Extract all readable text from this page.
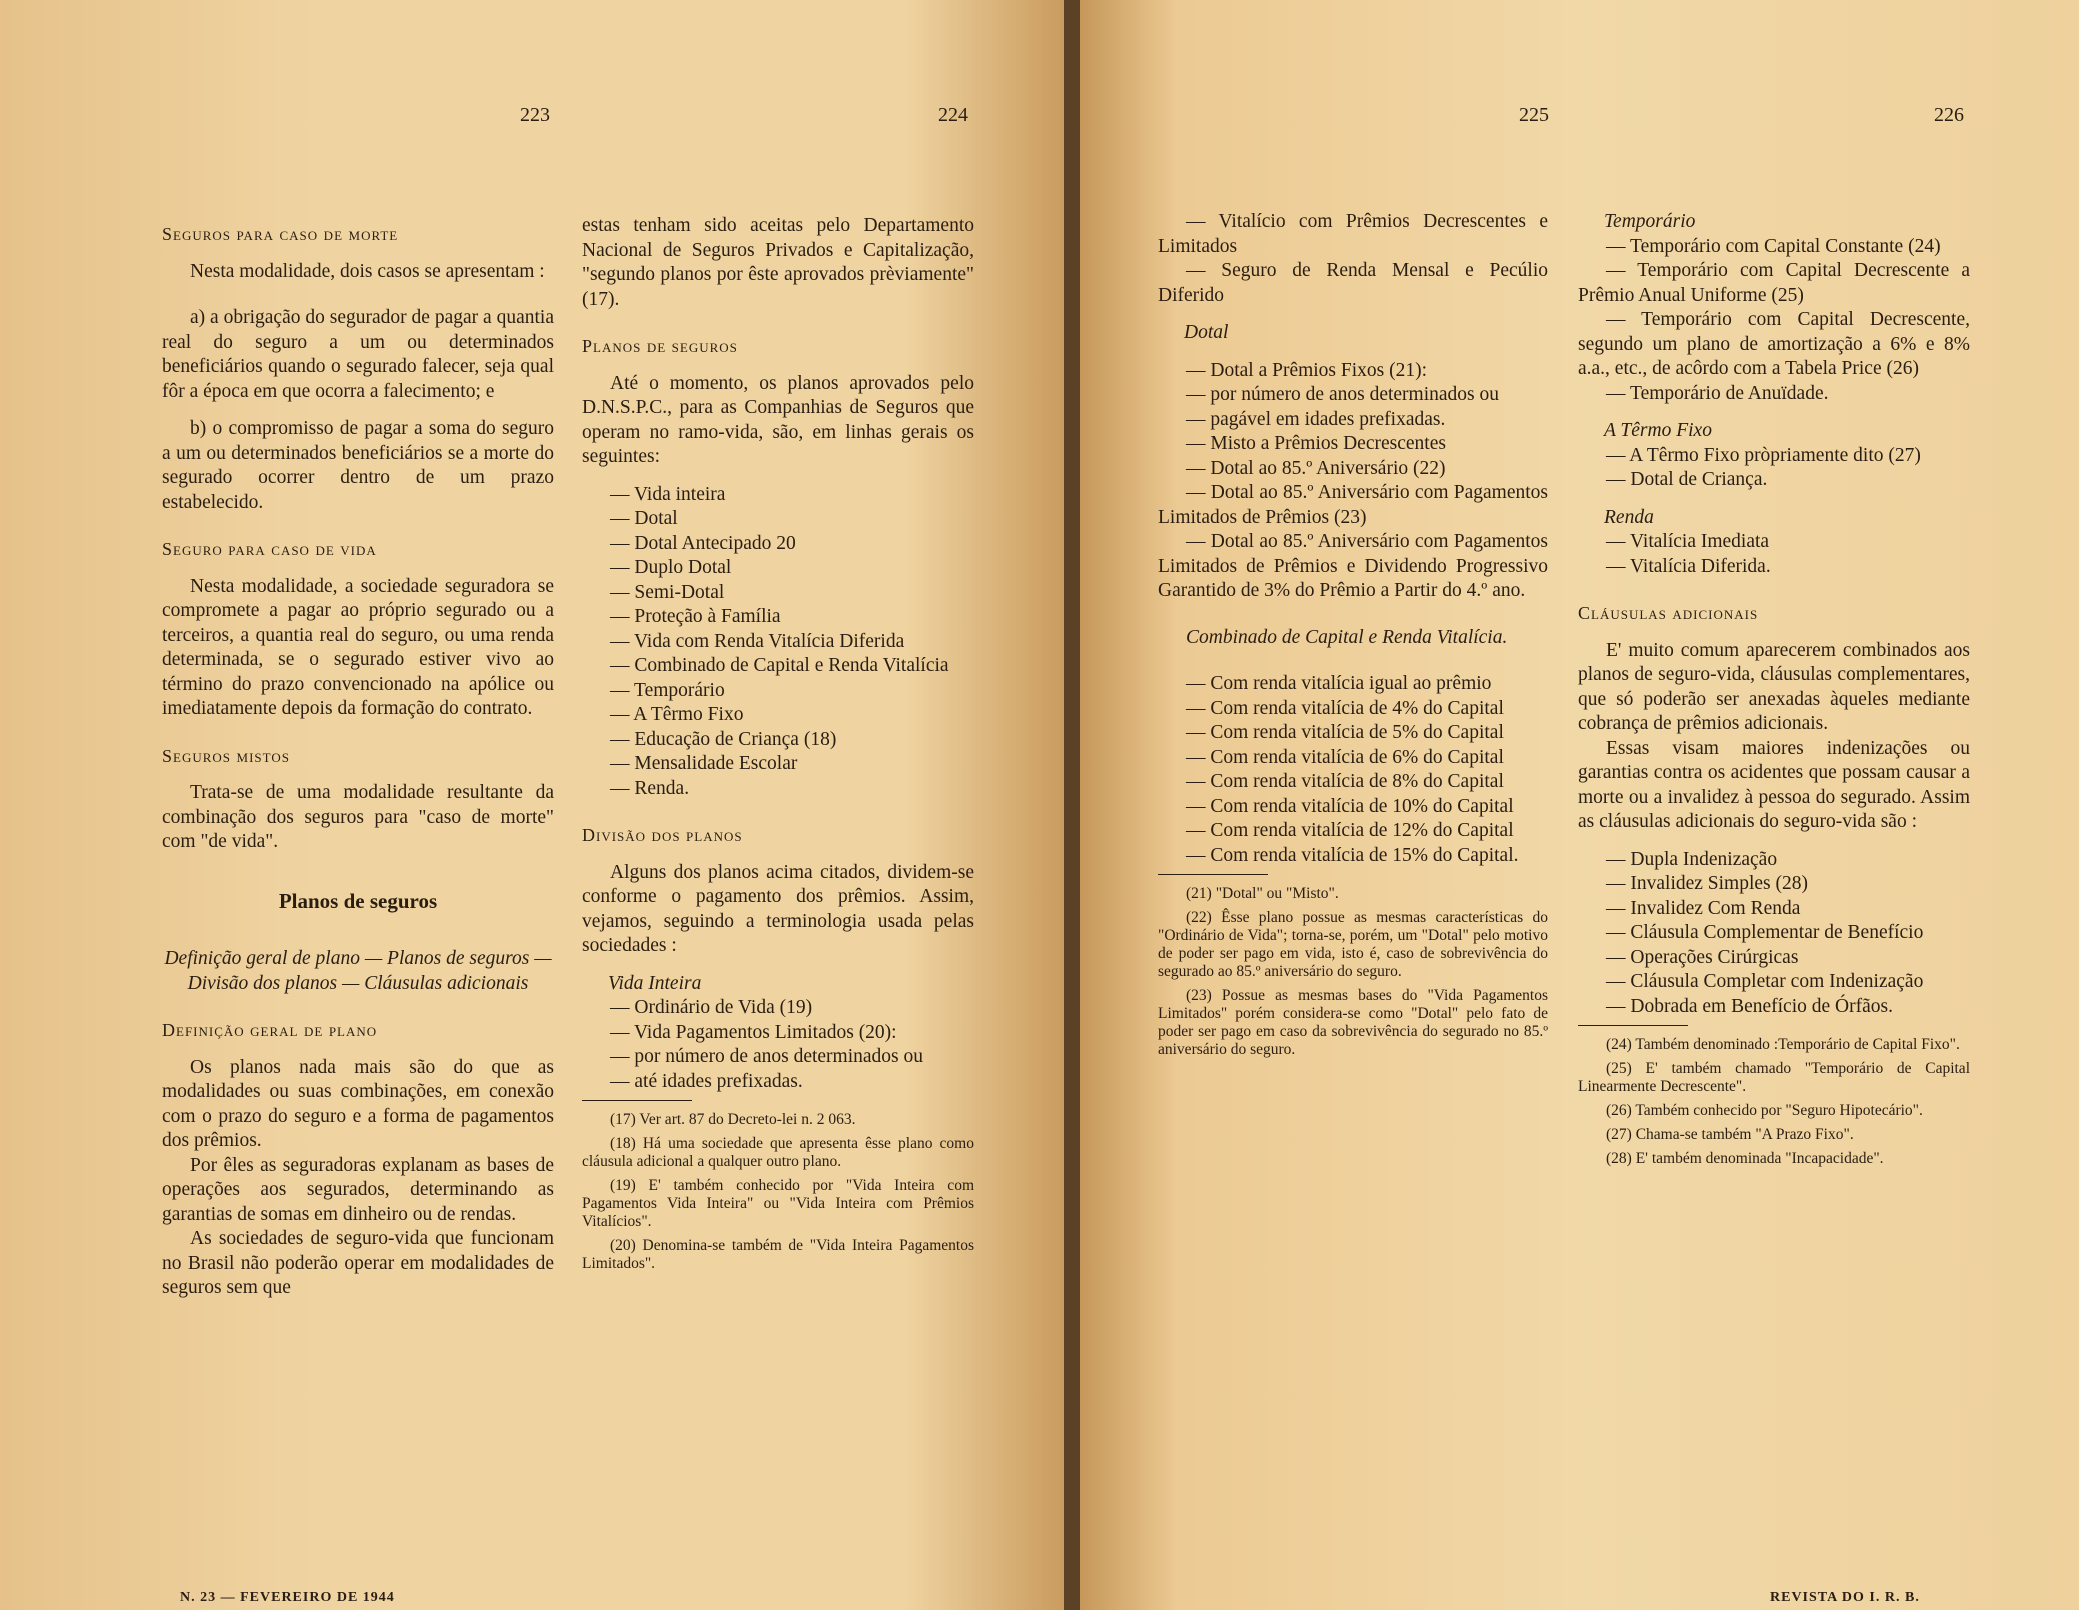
223	224	225	226

Seguros para caso de morte

Nesta modalidade, dois casos se apresentam :

a) a obrigação do segurador de pagar a quantia real do seguro a um ou determinados beneficiários quando o segurado falecer, seja qual fôr a época em que ocorra a falecimento; e

b) o compromisso de pagar a soma do seguro a um ou determinados beneficiários se a morte do segurado ocorrer dentro de um prazo estabelecido.

Seguro para caso de vida

Nesta modalidade, a sociedade seguradora se compromete a pagar ao próprio segurado ou a terceiros, a quantia real do seguro, ou uma renda determinada, se o segurado estiver vivo ao término do prazo convencionado na apólice ou imediatamente depois da formação do contrato.

Seguros mistos

Trata-se de uma modalidade resultante da combinação dos seguros para "caso de morte" com "de vida".

Planos de seguros

Definição geral de plano — Planos de seguros — Divisão dos planos — Cláusulas adicionais

Definição geral de plano

Os planos nada mais são do que as modalidades ou suas combinações, em conexão com o prazo do seguro e a forma de pagamentos dos prêmios.

Por êles as seguradoras explanam as bases de operações aos segurados, determinando as garantias de somas em dinheiro ou de rendas.

As sociedades de seguro-vida que funcionam no Brasil não poderão operar em modalidades de seguros sem que

N. 23 — FEVEREIRO DE 1944

estas tenham sido aceitas pelo Departamento Nacional de Seguros Privados e Capitalização, "segundo planos por êste aprovados prèviamente" (17).

Planos de seguros

Até o momento, os planos aprovados pelo D.N.S.P.C., para as Companhias de Seguros que operam no ramo-vida, são, em linhas gerais os seguintes:

— Vida inteira

— Dotal

— Dotal Antecipado 20

— Duplo Dotal

— Semi-Dotal

— Proteção à Família

— Vida com Renda Vitalícia Diferida

— Combinado de Capital e Renda Vitalícia

— Temporário

— A Têrmo Fixo

— Educação de Criança (18)

— Mensalidade Escolar

— Renda.

Divisão dos planos

Alguns dos planos acima citados, dividem-se conforme o pagamento dos prêmios. Assim, vejamos, seguindo a terminologia usada pelas sociedades :

Vida Inteira

— Ordinário de Vida (19)

— Vida Pagamentos Limitados (20):

— por número de anos determinados ou

— até idades prefixadas.

(17) Ver art. 87 do Decreto-lei n. 2 063.

(18) Há uma sociedade que apresenta êsse plano como cláusula adicional a qualquer outro plano.

(19) E' também conhecido por "Vida Inteira com Pagamentos Vida Inteira" ou "Vida Inteira com Prêmios Vitalícios".

(20) Denomina-se também de "Vida Inteira Pagamentos Limitados".

— Vitalício com Prêmios Decrescentes e Limitados

— Seguro de Renda Mensal e Pecúlio Diferido

Dotal

— Dotal a Prêmios Fixos (21):

— por número de anos determinados ou

— pagável em idades prefixadas.

— Misto a Prêmios Decrescentes

— Dotal ao 85.º Aniversário (22)

— Dotal ao 85.º Aniversário com Pagamentos Limitados de Prêmios (23)

— Dotal ao 85.º Aniversário com Pagamentos Limitados de Prêmios e Dividendo Progressivo Garantido de 3% do Prêmio a Partir do 4.º ano.

Combinado de Capital e Renda Vitalícia.

— Com renda vitalícia igual ao prêmio

— Com renda vitalícia de 4% do Capital

— Com renda vitalícia de 5% do Capital

— Com renda vitalícia de 6% do Capital

— Com renda vitalícia de 8% do Capital

— Com renda vitalícia de 10% do Capital

— Com renda vitalícia de 12% do Capital

— Com renda vitalícia de 15% do Capital.

(21) "Dotal" ou "Misto".

(22) Êsse plano possue as mesmas características do "Ordinário de Vida"; torna-se, porém, um "Dotal" pelo motivo de poder ser pago em vida, isto é, caso de sobrevivência do segurado ao 85.º aniversário do seguro.

(23) Possue as mesmas bases do "Vida Pagamentos Limitados" porém considera-se como "Dotal" pelo fato de poder ser pago em caso da sobrevivência do segurado no 85.º aniversário do seguro.

Temporário

— Temporário com Capital Constante (24)

— Temporário com Capital Decrescente a Prêmio Anual Uniforme (25)

— Temporário com Capital Decrescente, segundo um plano de amortização a 6% e 8% a.a., etc., de acôrdo com a Tabela Price (26)

— Temporário de Anuïdade.

A Têrmo Fixo

— A Têrmo Fixo pròpriamente dito (27)

— Dotal de Criança.

Renda

— Vitalícia Imediata

— Vitalícia Diferida.

Cláusulas adicionais

E' muito comum aparecerem combinados aos planos de seguro-vida, cláusulas complementares, que só poderão ser anexadas àqueles mediante cobrança de prêmios adicionais.

Essas visam maiores indenizações ou garantias contra os acidentes que possam causar a morte ou a invalidez à pessoa do segurado. Assim as cláusulas adicionais do seguro-vida são :

— Dupla Indenização

— Invalidez Simples (28)

— Invalidez Com Renda

— Cláusula Complementar de Benefício

— Operações Cirúrgicas

— Cláusula Completar com Indenização

— Dobrada em Benefício de Órfãos.

(24) Também denominado :Temporário de Capital Fixo".

(25) E' também chamado "Temporário de Capital Linearmente Decrescente".

(26) Também conhecido por "Seguro Hipotecário".

(27) Chama-se também "A Prazo Fixo".

(28) E' também denominada "Incapacidade".

REVISTA DO I. R. B.
